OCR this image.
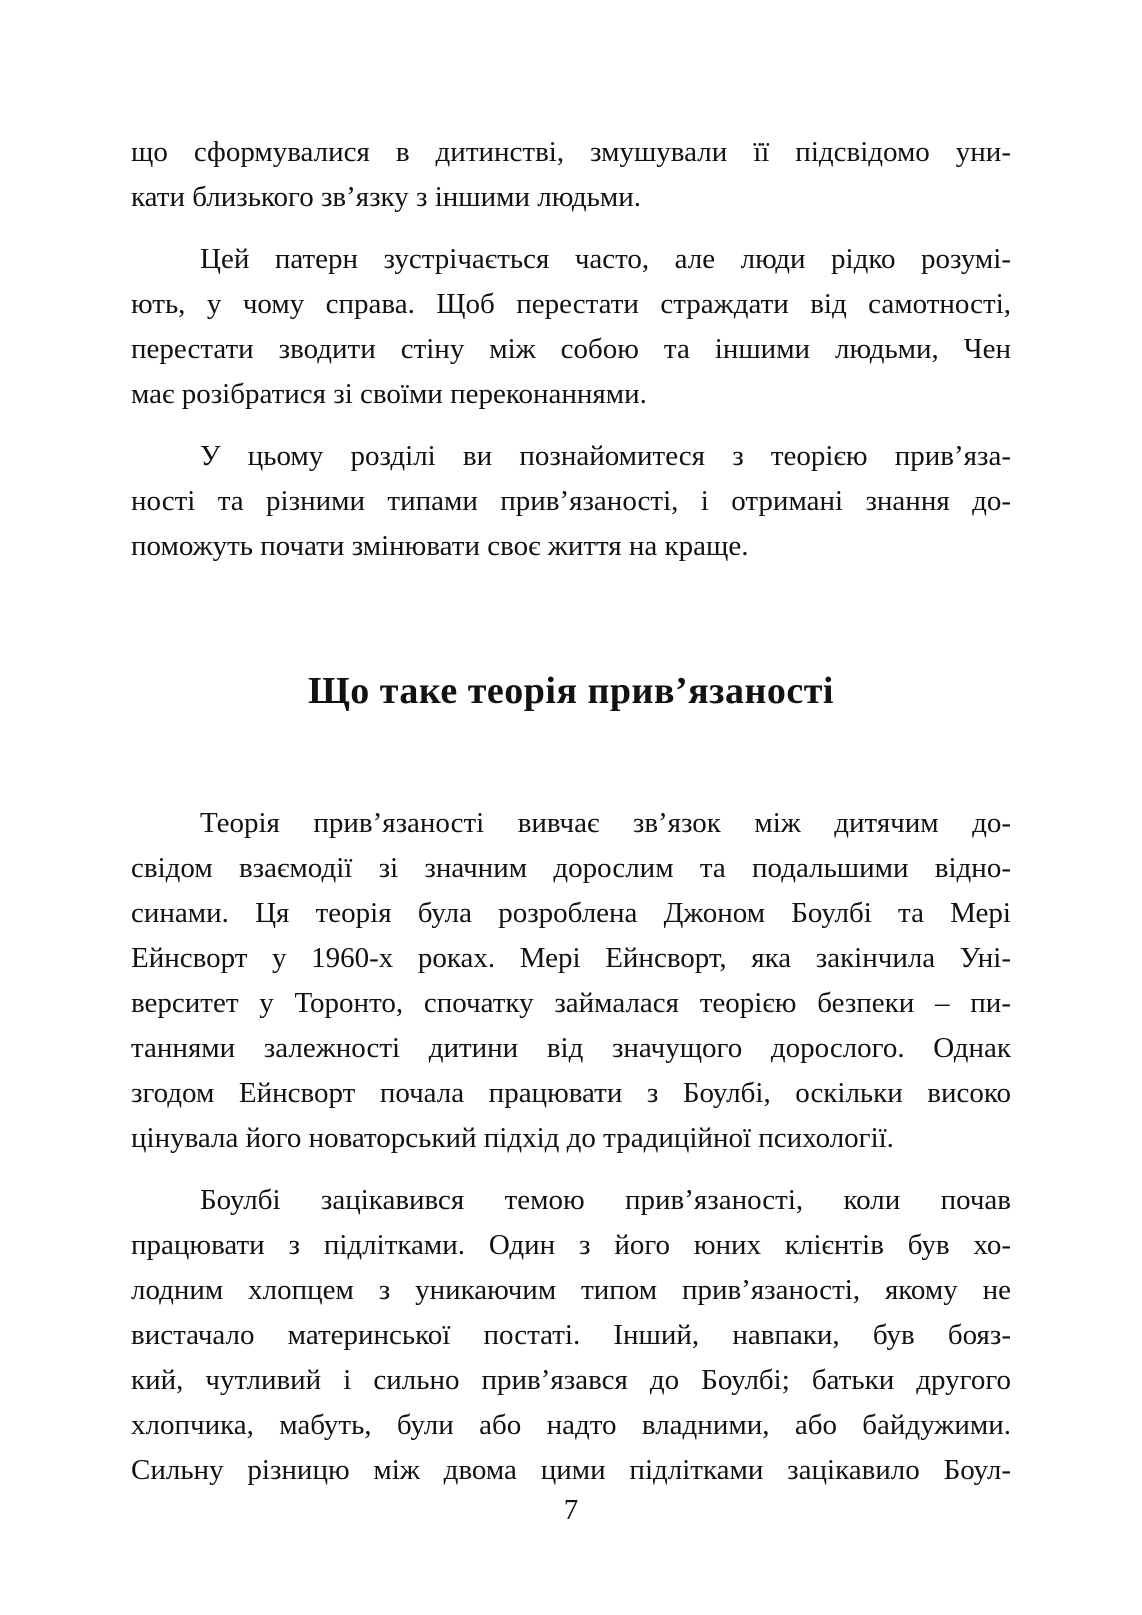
що сформувалися в дитинстві, змушували її підсвідомо уни-
кати близького зв’язку з іншими людьми.
Цей патерн зустрічається часто, але люди рідко розумі-
ють, у чому справа. Щоб перестати страждати від самотності,
перестати зводити стіну між собою та іншими людьми, Чен
має розібратися зі своїми переконаннями.
У цьому розділі ви познайомитеся з теорією прив’яза-
ності та різними типами прив’язаності, і отримані знання до-
поможуть почати змінювати своє життя на краще.
Що таке теорія прив’язаності
Теорія прив’язаності вивчає зв’язок між дитячим до-
свідом взаємодії зі значним дорослим та подальшими відно-
синами. Ця теорія була розроблена Джоном Боулбі та Мері
Ейнсворт у 1960-х роках. Мері Ейнсворт, яка закінчила Уні-
верситет у Торонто, спочатку займалася теорією безпеки – пи-
таннями залежності дитини від значущого дорослого. Однак
згодом Ейнсворт почала працювати з Боулбі, оскільки високо
цінувала його новаторський підхід до традиційної психології.
Боулбі зацікавився темою прив’язаності, коли почав
працювати з підлітками. Один з його юних клієнтів був хо-
лодним хлопцем з уникаючим типом прив’язаності, якому не
вистачало материнської постаті. Інший, навпаки, був бояз-
кий, чутливий і сильно прив’язався до Боулбі; батьки другого
хлопчика, мабуть, були або надто владними, або байдужими.
Сильну різницю між двома цими підлітками зацікавило Боул-
7
